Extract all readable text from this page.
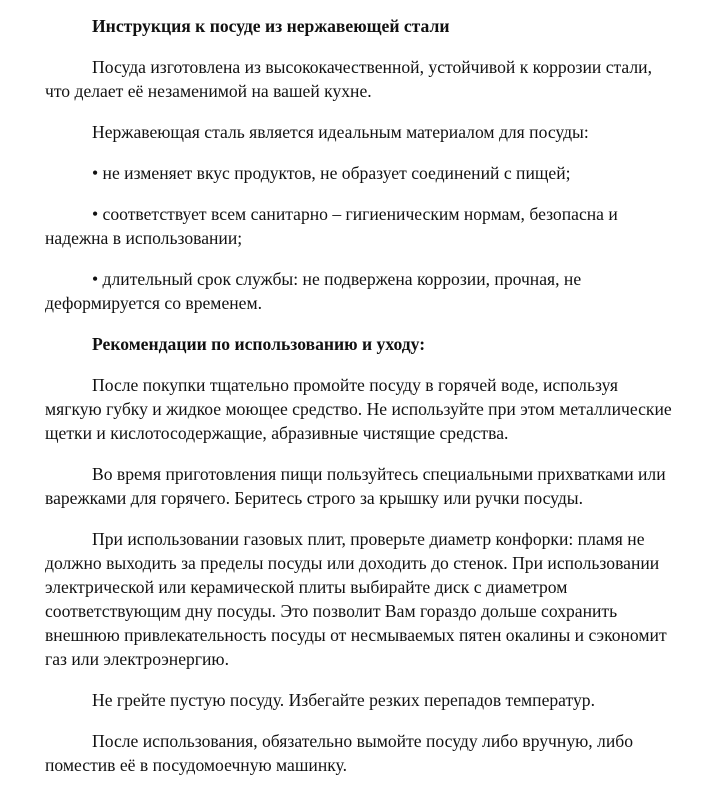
Инструкция к посуде из нержавеющей стали

Посуда изготовлена из высококачественной, устойчивой к коррозии стали, что делает её незаменимой на вашей кухне.

Нержавеющая сталь является идеальным материалом для посуды:

• не изменяет вкус продуктов, не образует соединений с пищей;

• соответствует всем санитарно – гигиеническим нормам, безопасна и надежна в использовании;

• длительный срок службы: не подвержена коррозии, прочная, не деформируется со временем.

Рекомендации по использованию и уходу:

После покупки тщательно промойте посуду в горячей воде, используя мягкую губку и жидкое моющее средство. Не используйте при этом металлические щетки и кислотосодержащие, абразивные чистящие средства.

Во время приготовления пищи пользуйтесь специальными прихватками или варежками для горячего. Беритесь строго за крышку или ручки посуды.

При использовании газовых плит, проверьте диаметр конфорки: пламя не должно выходить за пределы посуды или доходить до стенок. При использовании электрической или керамической плиты выбирайте диск с диаметром соответствующим дну посуды. Это позволит Вам гораздо дольше сохранить внешнюю привлекательность посуды от несмываемых пятен окалины и сэкономит газ или электроэнергию.

Не грейте пустую посуду. Избегайте резких перепадов температур.

После использования, обязательно вымойте посуду либо вручную, либо поместив её в посудомоечную машинку.
